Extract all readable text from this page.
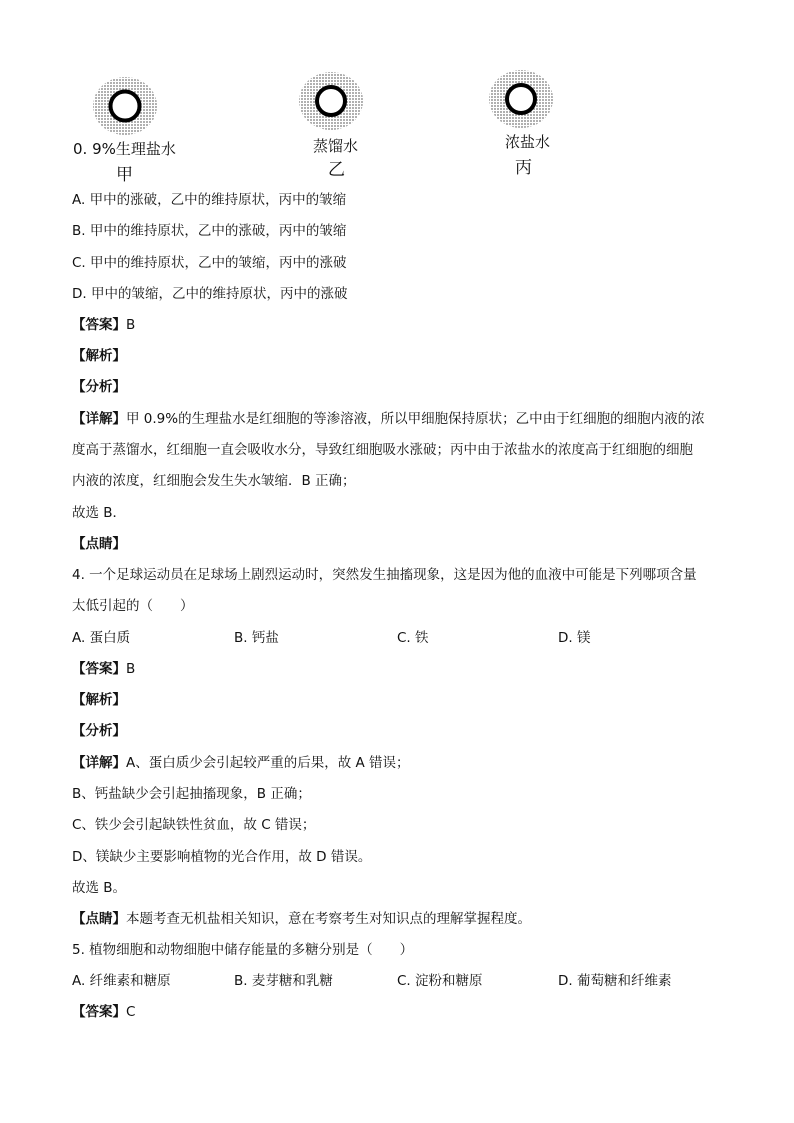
0. 9%生理盐水
甲
蒸馏水
乙
浓盐水
丙
A. 甲中的涨破，乙中的维持原状，丙中的皱缩
B. 甲中的维持原状，乙中的涨破，丙中的皱缩
C. 甲中的维持原状，乙中的皱缩，丙中的涨破
D. 甲中的皱缩，乙中的维持原状，丙中的涨破
【答案】B
【解析】
【分析】
【详解】甲 0.9%的生理盐水是红细胞的等渗溶液，所以甲细胞保持原状；乙中由于红细胞的细胞内液的浓
度高于蒸馏水，红细胞一直会吸收水分，导致红细胞吸水涨破；丙中由于浓盐水的浓度高于红细胞的细胞
内液的浓度，红细胞会发生失水皱缩．B 正确；
故选 B．
【点睛】
4. 一个足球运动员在足球场上剧烈运动时，突然发生抽搐现象，这是因为他的血液中可能是下列哪项含量
太低引起的（　　）
A. 蛋白质	B. 钙盐	C. 铁	D. 镁
【答案】B
【解析】
【分析】
【详解】A、蛋白质少会引起较严重的后果，故 A 错误；
B、钙盐缺少会引起抽搐现象，B 正确；
C、铁少会引起缺铁性贫血，故 C 错误；
D、镁缺少主要影响植物的光合作用，故 D 错误。
故选 B。
【点睛】本题考查无机盐相关知识，意在考察考生对知识点的理解掌握程度。
5. 植物细胞和动物细胞中储存能量的多糖分别是（　　）
A. 纤维素和糖原	B. 麦芽糖和乳糖	C. 淀粉和糖原	D. 葡萄糖和纤维素
【答案】C
